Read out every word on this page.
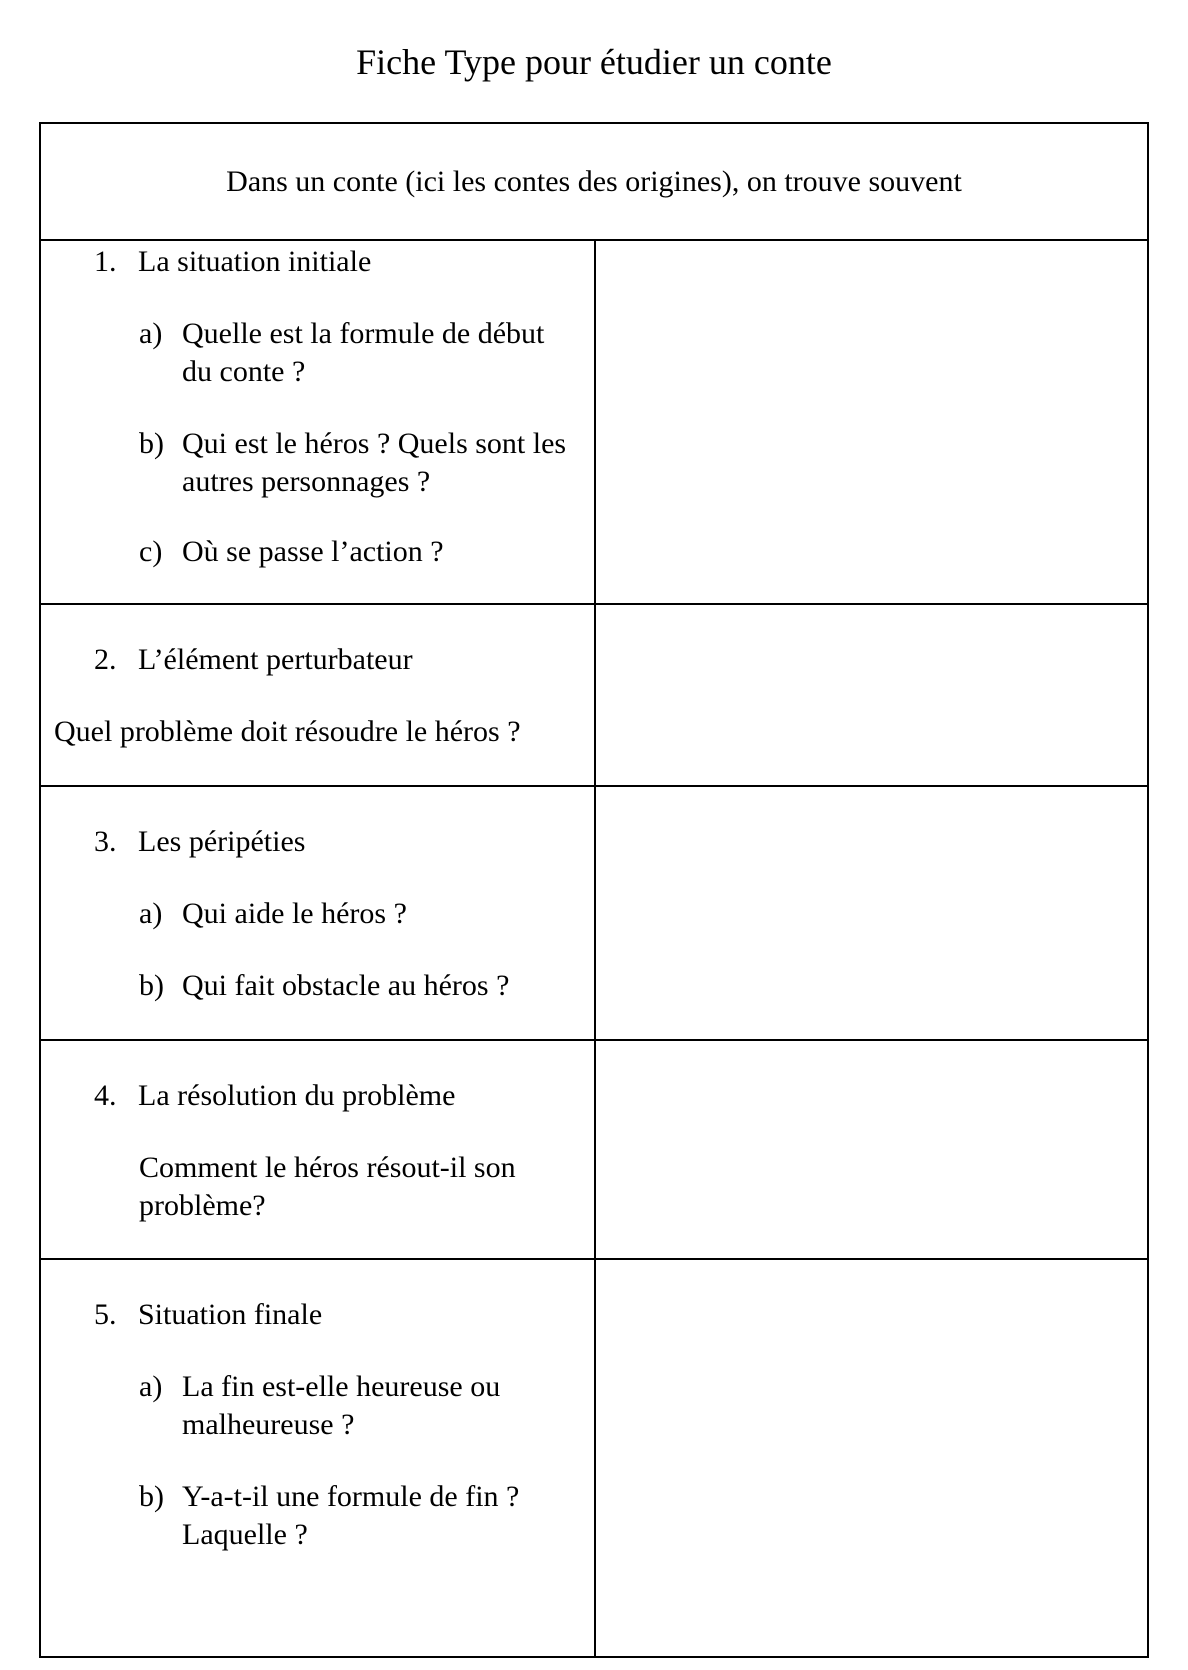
Fiche Type pour étudier un conte
Dans un conte (ici les contes des origines), on trouve souvent
1. La situation initiale
a) Quelle est la formule de début du conte ?
b) Qui est le héros ? Quels sont les autres personnages ?
c) Où se passe l’action ?
2. L’élément perturbateur
Quel problème doit résoudre le héros ?
3. Les péripéties
a) Qui aide le héros ?
b) Qui fait obstacle au héros ?
4. La résolution du problème
Comment le héros résout-il son problème?
5. Situation finale
a) La fin est-elle heureuse ou malheureuse ?
b) Y-a-t-il une formule de fin ? Laquelle ?
